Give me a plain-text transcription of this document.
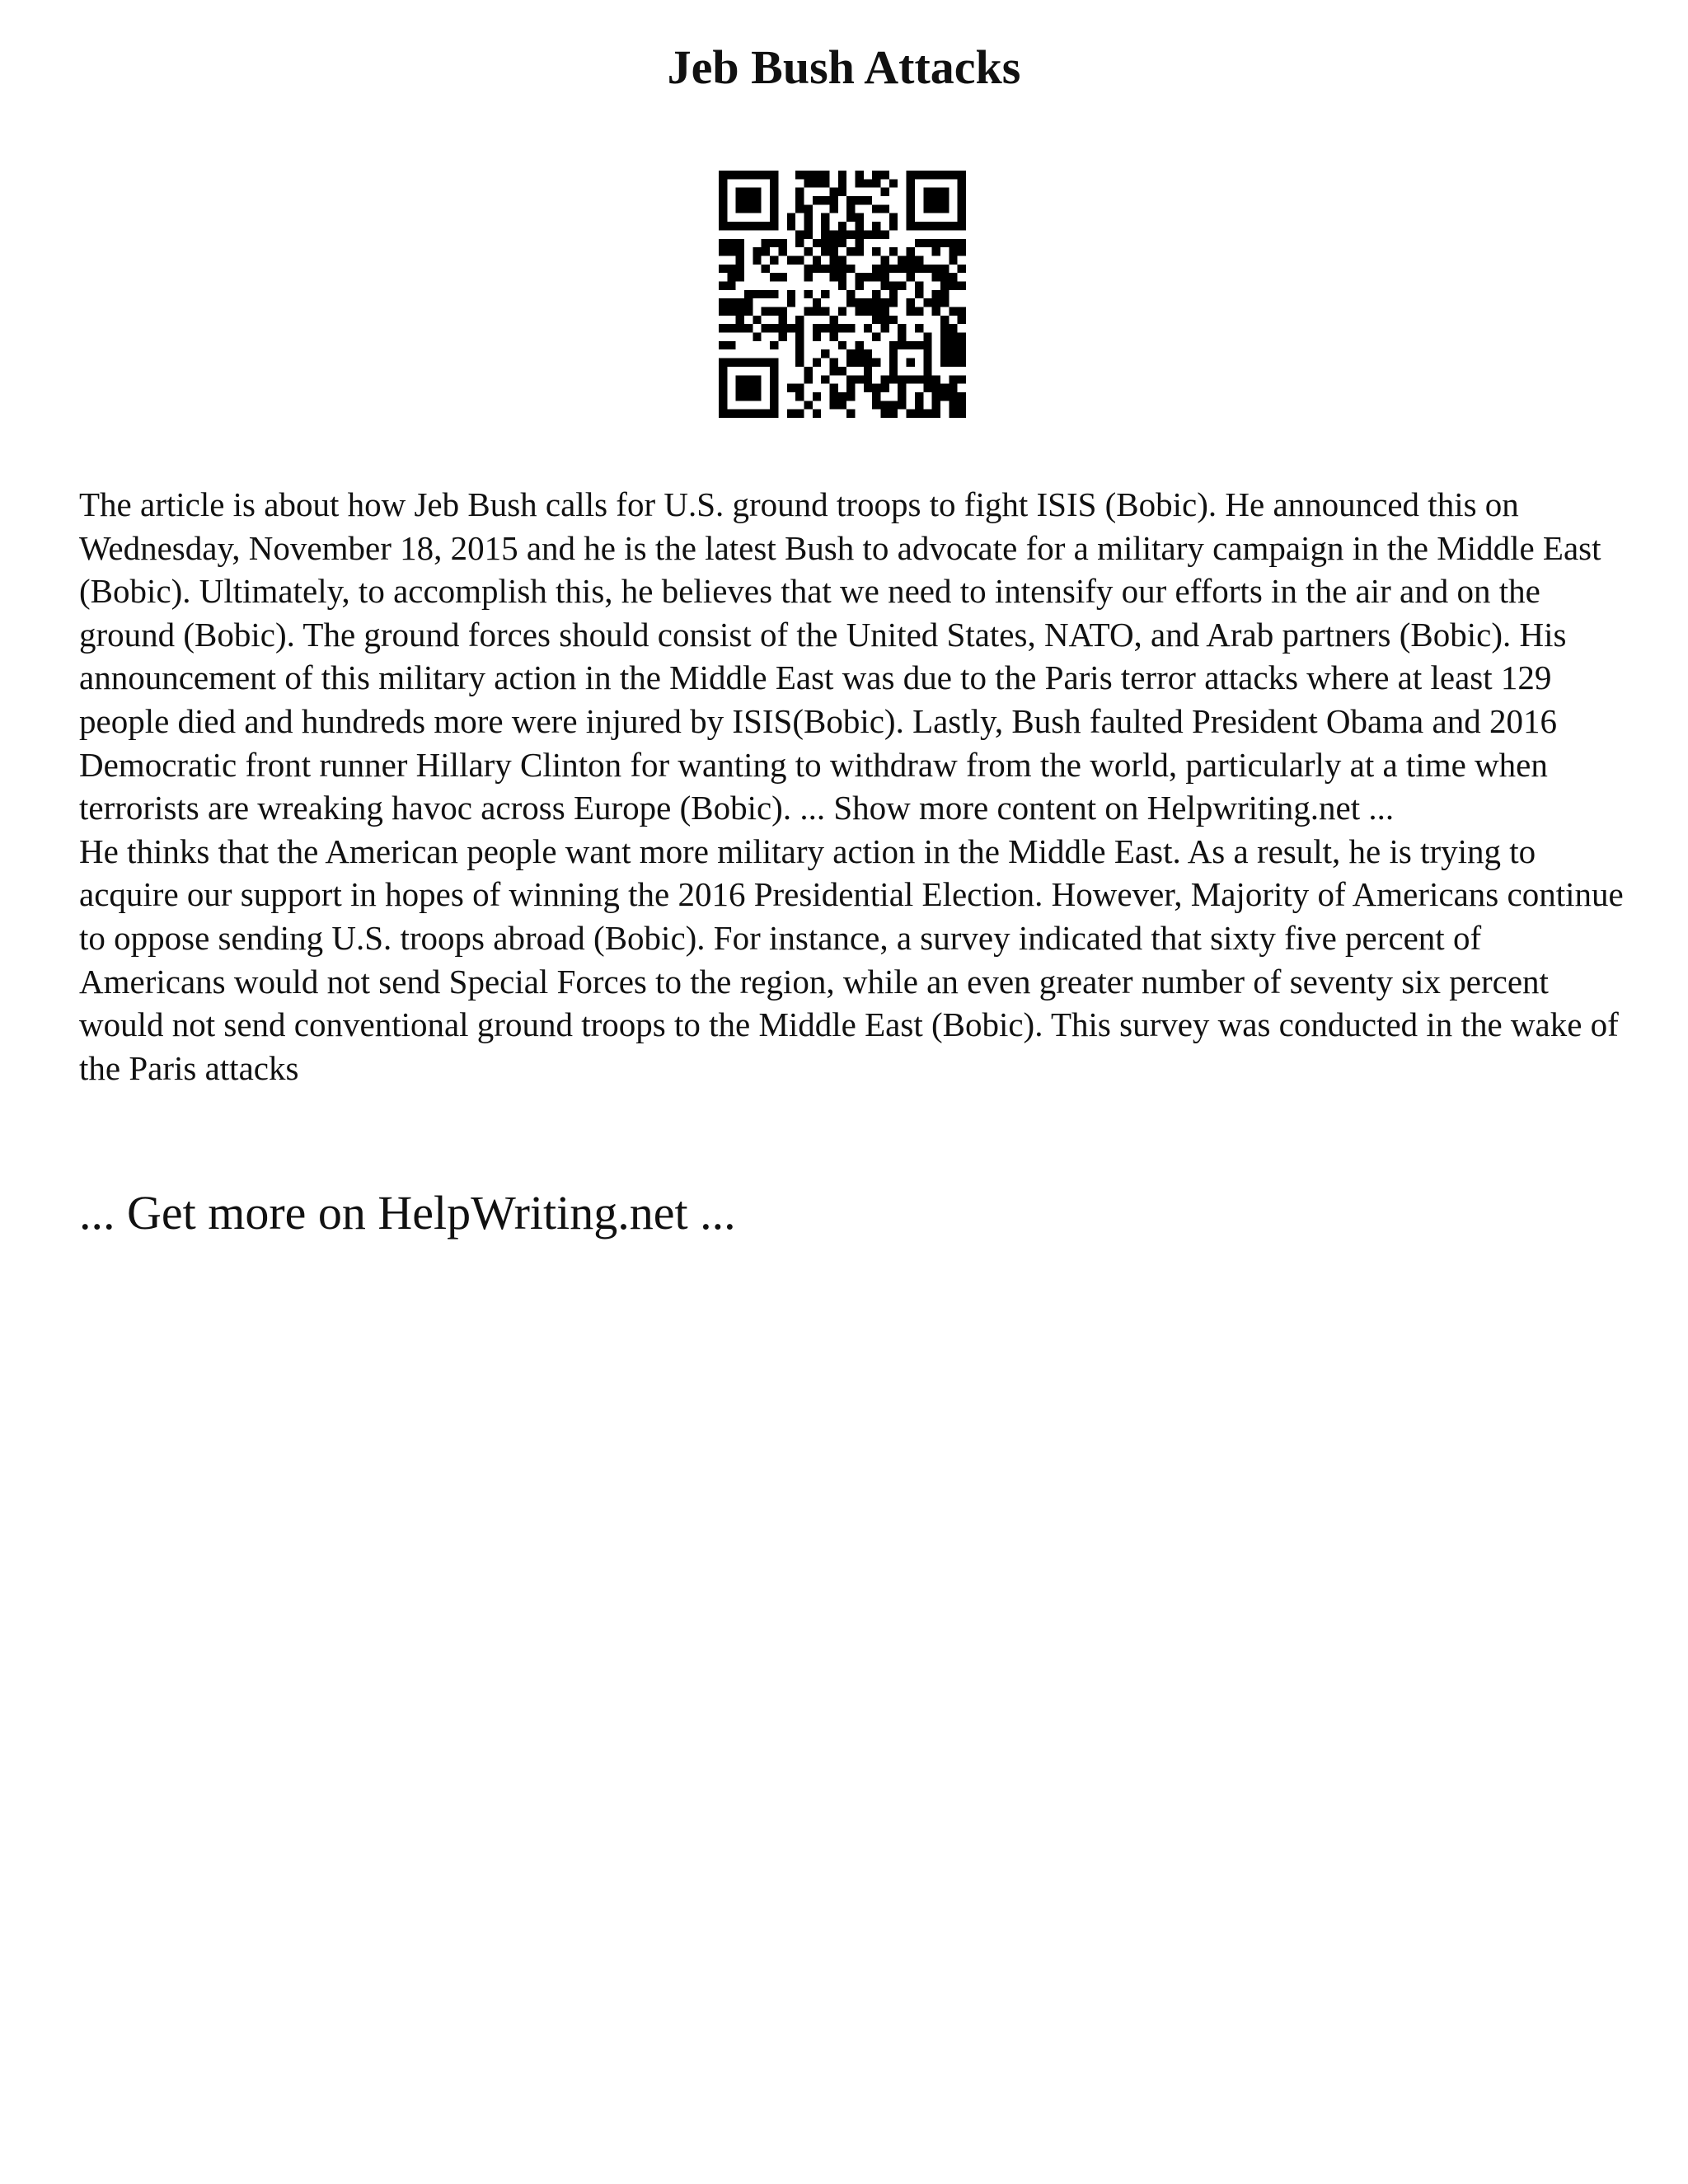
Jeb Bush Attacks

The article is about how Jeb Bush calls for U.S. ground troops to fight ISIS (Bobic). He announced this on Wednesday, November 18, 2015 and he is the latest Bush to advocate for a military campaign in the Middle East (Bobic). Ultimately, to accomplish this, he believes that we need to intensify our efforts in the air and on the ground (Bobic). The ground forces should consist of the United States, NATO, and Arab partners (Bobic). His announcement of this military action in the Middle East was due to the Paris terror attacks where at least 129 people died and hundreds more were injured by ISIS(Bobic). Lastly, Bush faulted President Obama and 2016 Democratic front runner Hillary Clinton for wanting to withdraw from the world, particularly at a time when terrorists are wreaking havoc across Europe (Bobic). ... Show more content on Helpwriting.net ...

He thinks that the American people want more military action in the Middle East. As a result, he is trying to acquire our support in hopes of winning the 2016 Presidential Election. However, Majority of Americans continue to oppose sending U.S. troops abroad (Bobic). For instance, a survey indicated that sixty five percent of Americans would not send Special Forces to the region, while an even greater number of seventy six percent would not send conventional ground troops to the Middle East (Bobic). This survey was conducted in the wake of the Paris attacks

... Get more on HelpWriting.net ...
